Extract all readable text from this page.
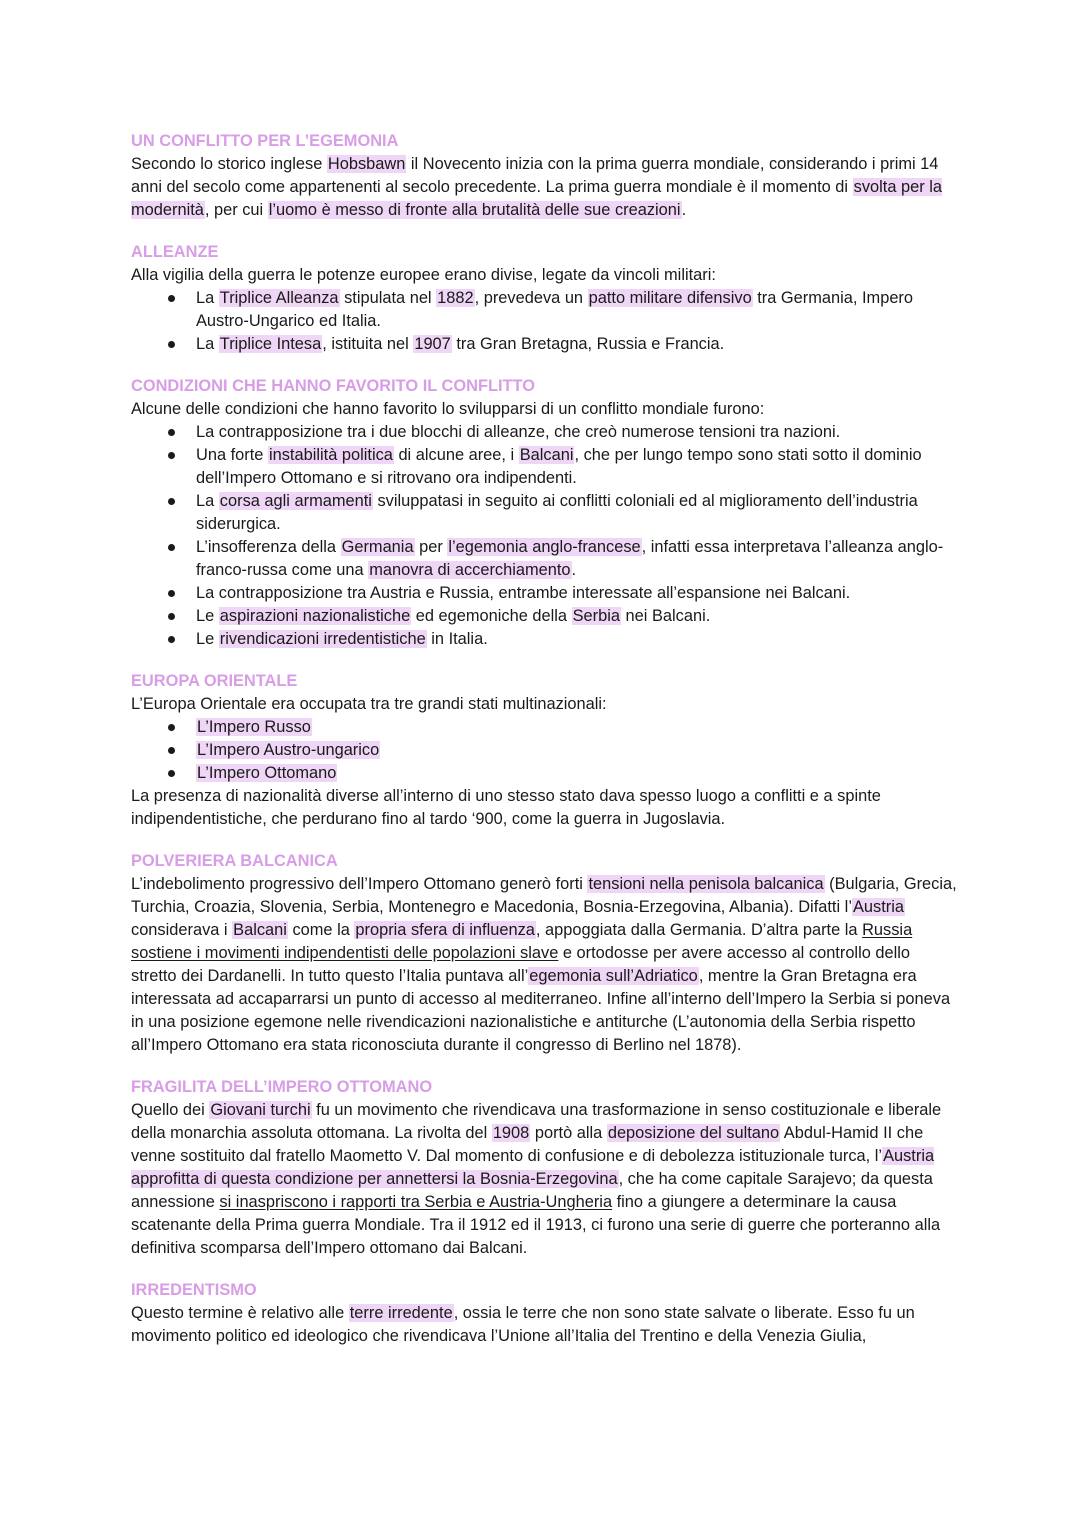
UN CONFLITTO PER L’EGEMONIA

Secondo lo storico inglese Hobsbawn il Novecento inizia con la prima guerra mondiale, considerando i primi 14 anni del secolo come appartenenti al secolo precedente. La prima guerra mondiale è il momento di svolta per la modernità, per cui l’uomo è messo di fronte alla brutalità delle sue creazioni.

ALLEANZE

Alla vigilia della guerra le potenze europee erano divise, legate da vincoli militari:

La Triplice Alleanza stipulata nel 1882, prevedeva un patto militare difensivo tra Germania, Impero Austro-Ungarico ed Italia.
La Triplice Intesa, istituita nel 1907 tra Gran Bretagna, Russia e Francia.
CONDIZIONI CHE HANNO FAVORITO IL CONFLITTO

Alcune delle condizioni che hanno favorito lo svilupparsi di un conflitto mondiale furono:

La contrapposizione tra i due blocchi di alleanze, che creò numerose tensioni tra nazioni.
Una forte instabilità politica di alcune aree, i Balcani, che per lungo tempo sono stati sotto il dominio dell’Impero Ottomano e si ritrovano ora indipendenti.
La corsa agli armamenti sviluppatasi in seguito ai conflitti coloniali ed al miglioramento dell’industria siderurgica.
L’insofferenza della Germania per l’egemonia anglo-francese, infatti essa interpretava l’alleanza anglo-franco-russa come una manovra di accerchiamento.
La contrapposizione tra Austria e Russia, entrambe interessate all’espansione nei Balcani.
Le aspirazioni nazionalistiche ed egemoniche della Serbia nei Balcani.
Le rivendicazioni irredentistiche in Italia.
EUROPA ORIENTALE

L’Europa Orientale era occupata tra tre grandi stati multinazionali:

L’Impero Russo
L’Impero Austro-ungarico
L’Impero Ottomano

La presenza di nazionalità diverse all’interno di uno stesso stato dava spesso luogo a conflitti e a spinte indipendentistiche, che perdurano fino al tardo ‘900, come la guerra in Jugoslavia.

POLVERIERA BALCANICA

L’indebolimento progressivo dell’Impero Ottomano generò forti tensioni nella penisola balcanica (Bulgaria, Grecia, Turchia, Croazia, Slovenia, Serbia, Montenegro e Macedonia, Bosnia-Erzegovina, Albania). Difatti l’Austria considerava i Balcani come la propria sfera di influenza, appoggiata dalla Germania. D’altra parte la Russia sostiene i movimenti indipendentisti delle popolazioni slave e ortodosse per avere accesso al controllo dello stretto dei Dardanelli. In tutto questo l’Italia puntava all’egemonia sull’Adriatico, mentre la Gran Bretagna era interessata ad accaparrarsi un punto di accesso al mediterraneo. Infine all’interno dell’Impero la Serbia si poneva in una posizione egemone nelle rivendicazioni nazionalistiche e antiturche (L’autonomia della Serbia rispetto all’Impero Ottomano era stata riconosciuta durante il congresso di Berlino nel 1878).

FRAGILITA DELL’IMPERO OTTOMANO

Quello dei Giovani turchi fu un movimento che rivendicava una trasformazione in senso costituzionale e liberale della monarchia assoluta ottomana. La rivolta del 1908 portò alla deposizione del sultano Abdul-Hamid II che venne sostituito dal fratello Maometto V. Dal momento di confusione e di debolezza istituzionale turca, l’Austria approfitta di questa condizione per annettersi la Bosnia-Erzegovina, che ha come capitale Sarajevo; da questa annessione si inaspriscono i rapporti tra Serbia e Austria-Ungheria fino a giungere a determinare la causa scatenante della Prima guerra Mondiale. Tra il 1912 ed il 1913, ci furono una serie di guerre che porteranno alla definitiva scomparsa dell’Impero ottomano dai Balcani.

IRREDENTISMO

Questo termine è relativo alle terre irredente, ossia le terre che non sono state salvate o liberate. Esso fu un movimento politico ed ideologico che rivendicava l’Unione all’Italia del Trentino e della Venezia Giulia,
